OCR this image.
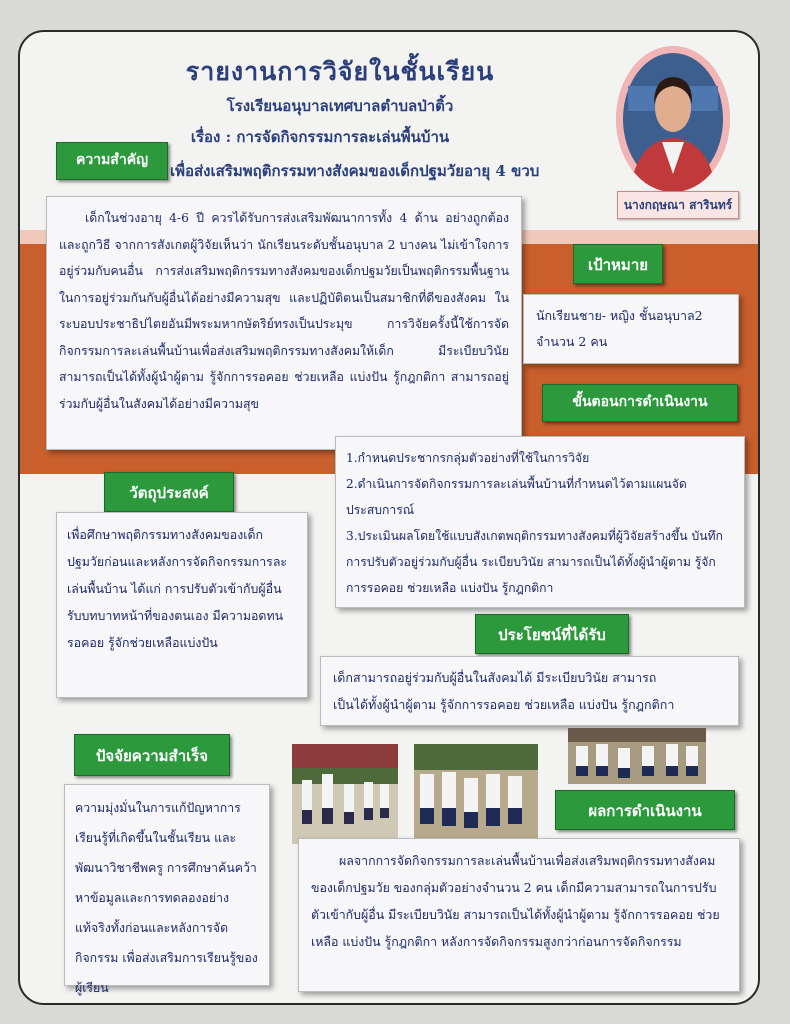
รายงานการวิจัยในชั้นเรียน
โรงเรียนอนุบาลเทศบาลตำบลป่าติ้ว
เรื่อง : การจัดกิจกรรมการละเล่นพื้นบ้าน
เพื่อส่งเสริมพฤติกรรมทางสังคมของเด็กปฐมวัยอายุ 4 ขวบ
นางกฤษณา สารินทร์
ความสำคัญ

เด็กในช่วงอายุ 4-6 ปี ควรได้รับการส่งเสริมพัฒนาการทั้ง 4 ด้าน อย่างถูกต้องและถูกวิธี จากการสังเกตผู้วิจัยเห็นว่า นักเรียนระดับชั้นอนุบาล 2 บางคน ไม่เข้าใจการอยู่ร่วมกับคนอื่น การส่งเสริมพฤติกรรมทางสังคมของเด็กปฐมวัยเป็นพฤติกรรมพื้นฐานในการอยู่ร่วมกันกับผู้อื่นได้อย่างมีความสุข และปฏิบัติตนเป็นสมาชิกที่ดีของสังคม ในระบอบประชาธิปไตยอันมีพระมหากษัตริย์ทรงเป็นประมุข การวิจัยครั้งนี้ใช้การจัดกิจกรรมการละเล่นพื้นบ้านเพื่อส่งเสริมพฤติกรรมทางสังคมให้เด็ก มีระเบียบวินัย สามารถเป็นได้ทั้งผู้นำผู้ตาม รู้จักการรอคอย ช่วยเหลือ แบ่งปัน รู้กฎกติกา สามารถอยู่ร่วมกับผู้อื่นในสังคมได้อย่างมีความสุข

เป้าหมาย

นักเรียนชาย- หญิง ชั้นอนุบาล2

จำนวน 2 คน

ขั้นตอนการดำเนินงาน

1.กำหนดประชากรกลุ่มตัวอย่างที่ใช้ในการวิจัย

2.ดำเนินการจัดกิจกรรมการละเล่นพื้นบ้านที่กำหนดไว้ตามแผนจัดประสบการณ์

3.ประเมินผลโดยใช้แบบสังเกตพฤติกรรมทางสังคมที่ผู้วิจัยสร้างขึ้น บันทึกการปรับตัวอยู่ร่วมกับผู้อื่น ระเบียบวินัย สามารถเป็นได้ทั้งผู้นำผู้ตาม รู้จักการรอคอย ช่วยเหลือ แบ่งปัน รู้กฎกติกา

วัตถุประสงค์

เพื่อศึกษาพฤติกรรมทางสังคมของเด็กปฐมวัยก่อนและหลังการจัดกิจกรรมการละเล่นพื้นบ้าน ได้แก่ การปรับตัวเข้ากับผู้อื่น รับบทบาทหน้าที่ของตนเอง มีความอดทนรอคอย รู้จักช่วยเหลือแบ่งปัน	ประโยชน์ที่ได้รับ

เด็กสามารถอยู่ร่วมกับผู้อื่นในสังคมได้ มีระเบียบวินัย สามารถ

เป็นได้ทั้งผู้นำผู้ตาม รู้จักการรอคอย ช่วยเหลือ แบ่งปัน รู้กฎกติกา

ปัจจัยความสำเร็จ

ความมุ่งมั่นในการแก้ปัญหาการเรียนรู้ที่เกิดขึ้นในชั้นเรียน และพัฒนาวิชาชีพครู การศึกษาค้นคว้าหาข้อมูลและการทดลองอย่างแท้จริงทั้งก่อนและหลังการจัดกิจกรรม เพื่อส่งเสริมการเรียนรู้ของผู้เรียน

ผลการดำเนินงาน

ผลจากการจัดกิจกรรมการละเล่นพื้นบ้านเพื่อส่งเสริมพฤติกรรมทางสังคมของเด็กปฐมวัย ของกลุ่มตัวอย่างจำนวน 2 คน เด็กมีความสามารถในการปรับตัวเข้ากับผู้อื่น มีระเบียบวินัย สามารถเป็นได้ทั้งผู้นำผู้ตาม รู้จักการรอคอย ช่วยเหลือ แบ่งปัน รู้กฎกติกา หลังการจัดกิจกรรมสูงกว่าก่อนการจัดกิจกรรม
